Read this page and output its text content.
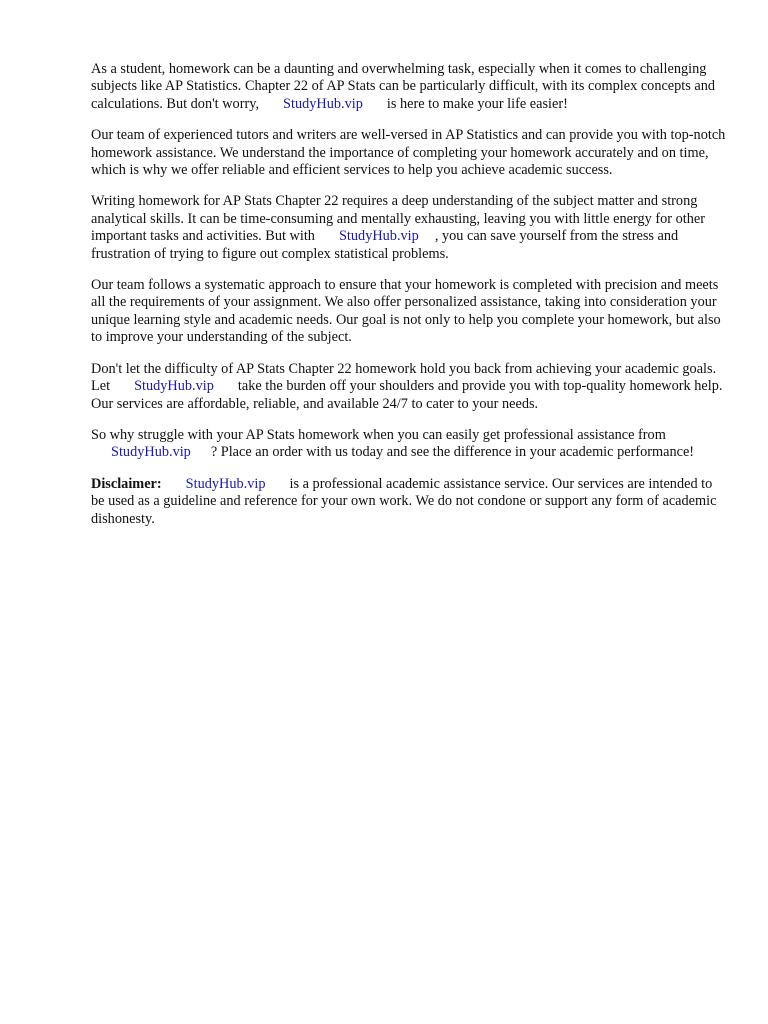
As a student, homework can be a daunting and overwhelming task, especially when it comes to challenging subjects like AP Statistics. Chapter 22 of AP Stats can be particularly difficult, with its complex concepts and calculations. But don't worry, StudyHub.vip is here to make your life easier!

Our team of experienced tutors and writers are well-versed in AP Statistics and can provide you with top-notch homework assistance. We understand the importance of completing your homework accurately and on time, which is why we offer reliable and efficient services to help you achieve academic success.

Writing homework for AP Stats Chapter 22 requires a deep understanding of the subject matter and strong analytical skills. It can be time-consuming and mentally exhausting, leaving you with little energy for other important tasks and activities. But with StudyHub.vip , you can save yourself from the stress and frustration of trying to figure out complex statistical problems.

Our team follows a systematic approach to ensure that your homework is completed with precision and meets all the requirements of your assignment. We also offer personalized assistance, taking into consideration your unique learning style and academic needs. Our goal is not only to help you complete your homework, but also to improve your understanding of the subject.

Don't let the difficulty of AP Stats Chapter 22 homework hold you back from achieving your academic goals. Let StudyHub.vip take the burden off your shoulders and provide you with top-quality homework help. Our services are affordable, reliable, and available 24/7 to cater to your needs.

So why struggle with your AP Stats homework when you can easily get professional assistance from
StudyHub.vip ? Place an order with us today and see the difference in your academic performance!

Disclaimer: StudyHub.vip is a professional academic assistance service. Our services are intended to be used as a guideline and reference for your own work. We do not condone or support any form of academic dishonesty.
